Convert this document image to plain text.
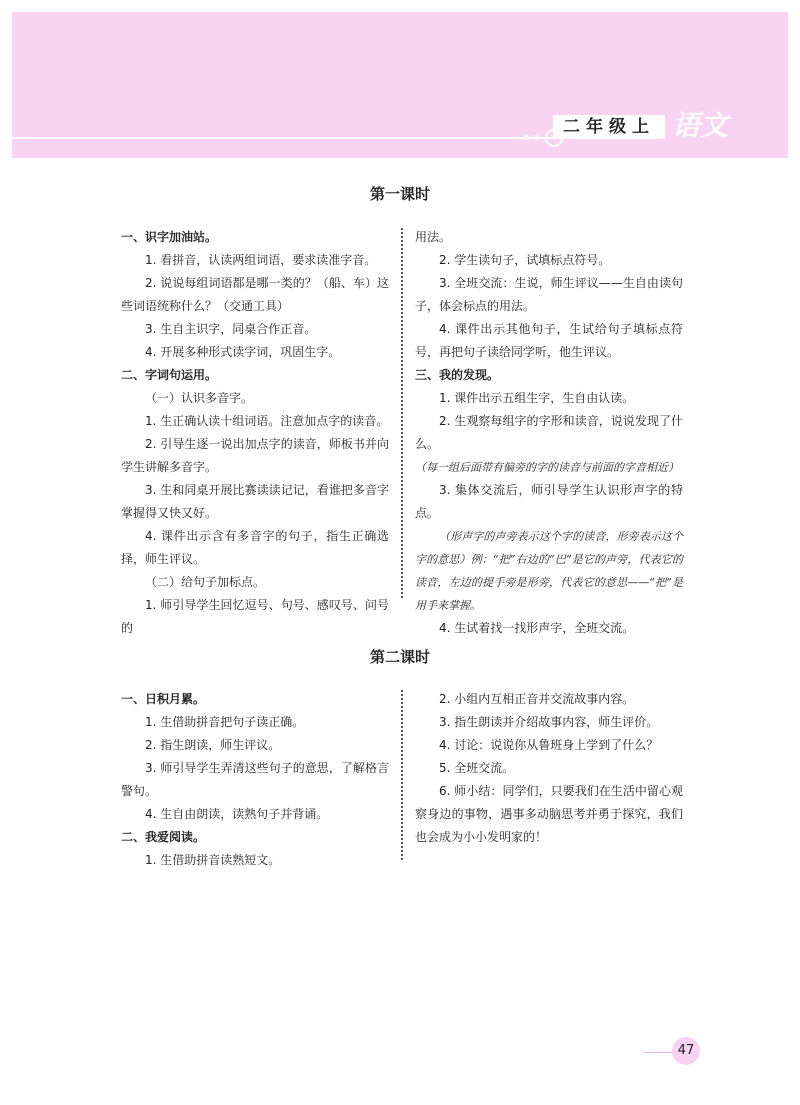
二年级上 语文
第一课时

一、识字加油站。

1. 看拼音，认读两组词语，要求读准字音。

2. 说说每组词语都是哪一类的？（船、车）这些词语统称什么？（交通工具）

3. 生自主识字，同桌合作正音。

4. 开展多种形式读字词，巩固生字。

二、字词句运用。

（一）认识多音字。

1. 生正确认读十组词语。注意加点字的读音。

2. 引导生逐一说出加点字的读音，师板书并向学生讲解多音字。

3. 生和同桌开展比赛读读记记，看谁把多音字掌握得又快又好。

4. 课件出示含有多音字的句子，指生正确选择，师生评议。

（二）给句子加标点。

1. 师引导学生回忆逗号、句号、感叹号、问号的

用法。

2. 学生读句子，试填标点符号。

3. 全班交流：生说，师生评议——生自由读句子，体会标点的用法。

4. 课件出示其他句子，生试给句子填标点符号，再把句子读给同学听，他生评议。

三、我的发现。

1. 课件出示五组生字，生自由认读。

2. 生观察每组字的字形和读音，说说发现了什么。

（每一组后面带有偏旁的字的读音与前面的字音相近）

3. 集体交流后，师引导学生认识形声字的特点。

（形声字的声旁表示这个字的读音，形旁表示这个字的意思）例：“把”右边的“巴”是它的声旁，代表它的读音，左边的提手旁是形旁，代表它的意思——“把”是用手来掌握。

4. 生试着找一找形声字，全班交流。

第二课时

一、日积月累。

1. 生借助拼音把句子读正确。

2. 指生朗读，师生评议。

3. 师引导学生弄清这些句子的意思，了解格言警句。

4. 生自由朗读，读熟句子并背诵。

二、我爱阅读。

1. 生借助拼音读熟短文。

2. 小组内互相正音并交流故事内容。

3. 指生朗读并介绍故事内容，师生评价。

4. 讨论：说说你从鲁班身上学到了什么？

5. 全班交流。

6. 师小结：同学们，只要我们在生活中留心观察身边的事物，遇事多动脑思考并勇于探究，我们也会成为小小发明家的！

47
